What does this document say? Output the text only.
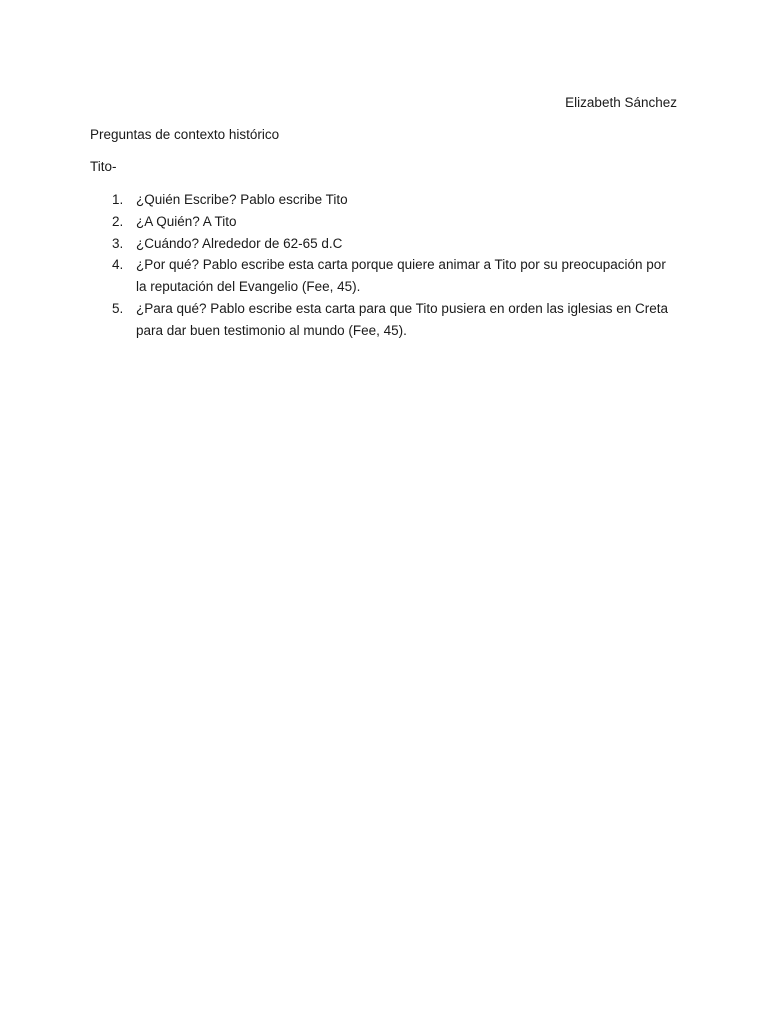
Elizabeth Sánchez
Preguntas de contexto histórico
Tito-
1. ¿Quién Escribe? Pablo escribe Tito
2. ¿A Quién? A Tito
3. ¿Cuándo? Alrededor de 62-65 d.C
4. ¿Por qué? Pablo escribe esta carta porque quiere animar a Tito por su preocupación por la reputación del Evangelio (Fee, 45).
5. ¿Para qué? Pablo escribe esta carta para que Tito pusiera en orden las iglesias en Creta para dar buen testimonio al mundo (Fee, 45).
